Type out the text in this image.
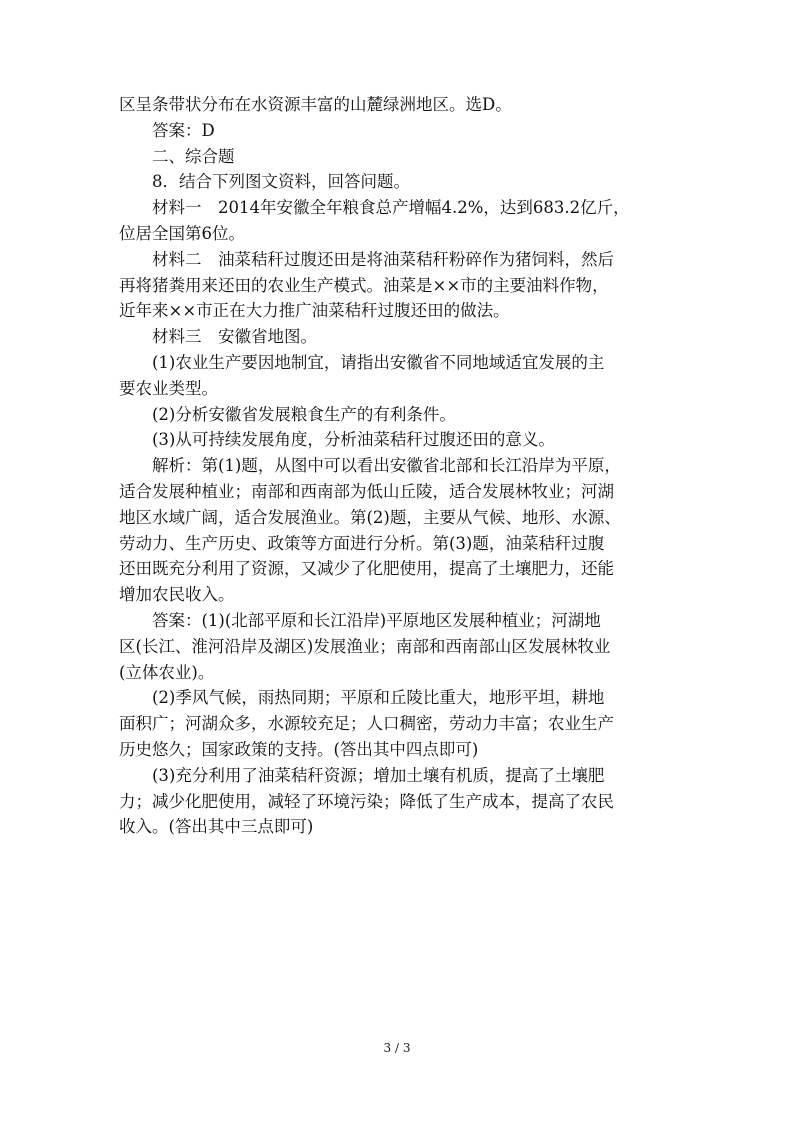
区呈条带状分布在水资源丰富的山麓绿洲地区。选D。
答案：D
二、综合题
8．结合下列图文资料，回答问题。
材料一　2014年安徽全年粮食总产增幅4.2%，达到683.2亿斤，
位居全国第6位。
材料二　油菜秸秆过腹还田是将油菜秸秆粉碎作为猪饲料，然后
再将猪粪用来还田的农业生产模式。油菜是××市的主要油料作物，
近年来××市正在大力推广油菜秸秆过腹还田的做法。
材料三　安徽省地图。
(1)农业生产要因地制宜，请指出安徽省不同地域适宜发展的主
要农业类型。
(2)分析安徽省发展粮食生产的有利条件。
(3)从可持续发展角度，分析油菜秸秆过腹还田的意义。
解析：第(1)题，从图中可以看出安徽省北部和长江沿岸为平原，
适合发展种植业；南部和西南部为低山丘陵，适合发展林牧业；河湖
地区水域广阔，适合发展渔业。第(2)题，主要从气候、地形、水源、
劳动力、生产历史、政策等方面进行分析。第(3)题，油菜秸秆过腹
还田既充分利用了资源，又减少了化肥使用，提高了土壤肥力，还能
增加农民收入。
答案：(1)(北部平原和长江沿岸)平原地区发展种植业；河湖地
区(长江、淮河沿岸及湖区)发展渔业；南部和西南部山区发展林牧业
(立体农业)。
(2)季风气候，雨热同期；平原和丘陵比重大，地形平坦，耕地
面积广；河湖众多，水源较充足；人口稠密，劳动力丰富；农业生产
历史悠久；国家政策的支持。(答出其中四点即可)
(3)充分利用了油菜秸秆资源；增加土壤有机质，提高了土壤肥
力；减少化肥使用，减轻了环境污染；降低了生产成本，提高了农民
收入。(答出其中三点即可)
3 / 3
